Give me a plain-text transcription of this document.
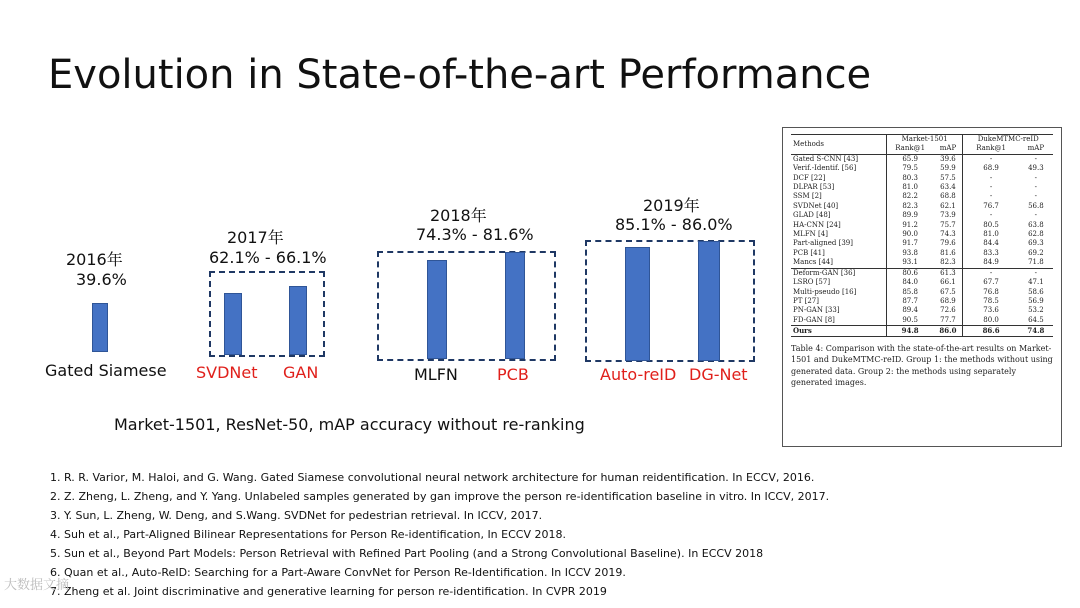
Evolution in State-of-the-art Performance
2016年
39.6%
Gated Siamese
2017年
62.1% - 66.1%
SVDNet GAN
2018年
74.3% - 81.6%
MLFN PCB
2019年
85.1% - 86.0%
Auto-reID DG-Net
Market-1501, ResNet-50, mAP accuracy without re-ranking
Methods	Market-1501		DukeMTMC-reID	
	Rank@1	mAP	Rank@1	mAP
Gated S-CNN [43]	65.9	39.6	-	-
Verif.-Identif. [56]	79.5	59.9	68.9	49.3
DCF [22]	80.3	57.5	-	-
DLPAR [53]	81.0	63.4	-	-
SSM [2]	82.2	68.8	-	-
SVDNet [40]	82.3	62.1	76.7	56.8
GLAD [48]	89.9	73.9	-	-
HA-CNN [24]	91.2	75.7	80.5	63.8
MLFN [4]	90.0	74.3	81.0	62.8
Part-aligned [39]	91.7	79.6	84.4	69.3
PCB [41]	93.8	81.6	83.3	69.2
Mancs [44]	93.1	82.3	84.9	71.8
Deform-GAN [36]	80.6	61.3	-	-
LSRO [57]	84.0	66.1	67.7	47.1
Multi-pseudo [16]	85.8	67.5	76.8	58.6
PT [27]	87.7	68.9	78.5	56.9
PN-GAN [33]	89.4	72.6	73.6	53.2
FD-GAN [8]	90.5	77.7	80.0	64.5
Ours	94.8	86.0	86.6	74.8
Table 4: Comparison with the state-of-the-art results on Market-1501 and DukeMTMC-reID. Group 1: the methods without using generated data. Group 2: the methods using separately generated images.
1. R. R. Varior, M. Haloi, and G. Wang. Gated Siamese convolutional neural network architecture for human reidentification. In ECCV, 2016.
2. Z. Zheng, L. Zheng, and Y. Yang. Unlabeled samples generated by gan improve the person re-identification baseline in vitro. In ICCV, 2017.
3. Y. Sun, L. Zheng, W. Deng, and S.Wang. SVDNet for pedestrian retrieval. In ICCV, 2017.
4. Suh et al., Part-Aligned Bilinear Representations for Person Re-identification, In ECCV 2018.
5. Sun et al., Beyond Part Models: Person Retrieval with Refined Part Pooling (and a Strong Convolutional Baseline). In ECCV 2018
6. Quan et al., Auto-ReID: Searching for a Part-Aware ConvNet for Person Re-Identification. In ICCV 2019.
7. Zheng et al. Joint discriminative and generative learning for person re-identification. In CVPR 2019
大数据文摘
